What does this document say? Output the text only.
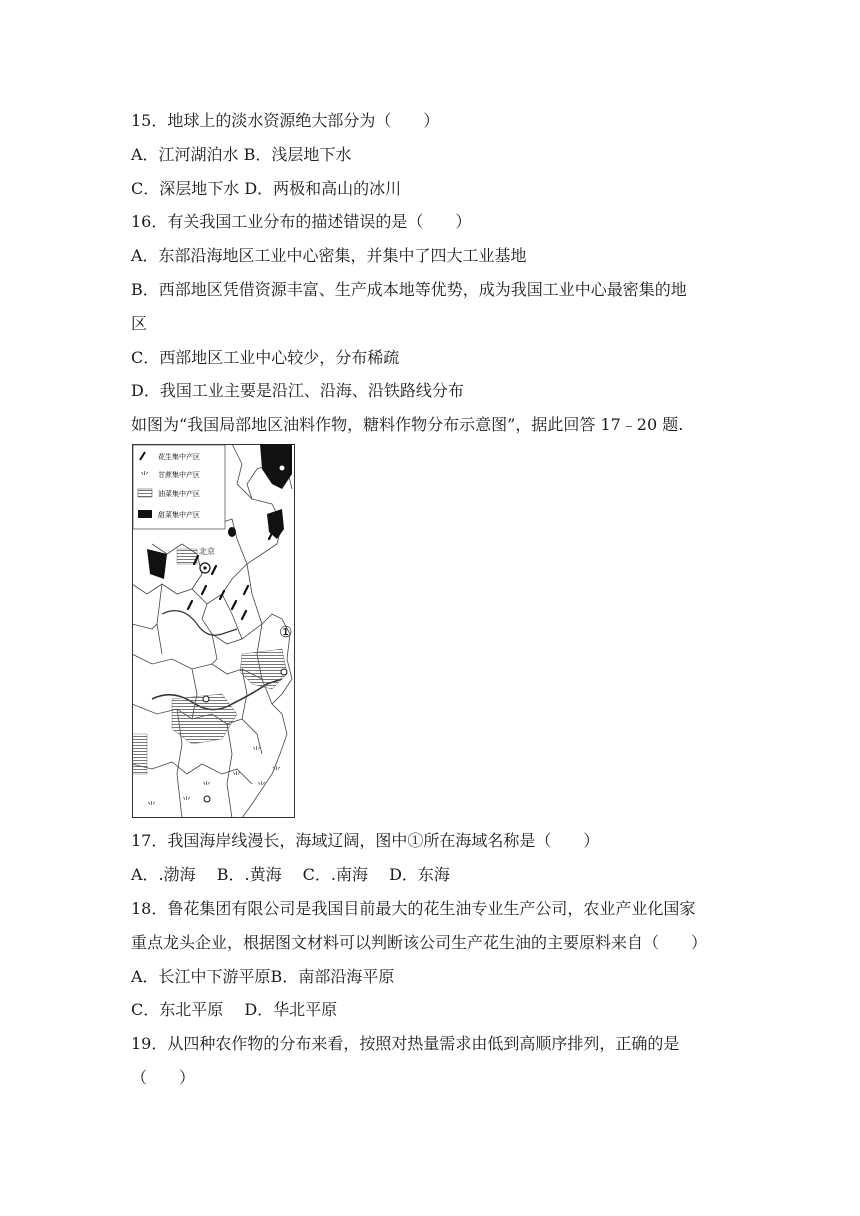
15．地球上的淡水资源绝大部分为（　　）
A．江河湖泊水 B．浅层地下水
C．深层地下水 D．两极和高山的冰川
16．有关我国工业分布的描述错误的是（　　）
A．东部沿海地区工业中心密集，并集中了四大工业基地
B．西部地区凭借资源丰富、生产成本地等优势，成为我国工业中心最密集的地
区
C．西部地区工业中心较少，分布稀疏
D．我国工业主要是沿江、沿海、沿铁路线分布
如图为“我国局部地区油料作物，糖料作物分布示意图”，据此回答 17﹣20 题.
⺌
⺌
⺌
⺌
⺌
⺌	⺌
北京
①
花生集中产区
⺌ 甘蔗集中产区
油菜集中产区
甜菜集中产区
17．我国海岸线漫长，海域辽阔，图中①所在海域名称是（　　）
A．.渤海　 B．.黄海　 C．.南海　 D．东海
18．鲁花集团有限公司是我国目前最大的花生油专业生产公司，农业产业化国家
重点龙头企业，根据图文材料可以判断该公司生产花生油的主要原料来自（　　）
A．长江中下游平原B．南部沿海平原
C．东北平原　 D．华北平原
19．从四种农作物的分布来看，按照对热量需求由低到高顺序排列，正确的是
（　　）
